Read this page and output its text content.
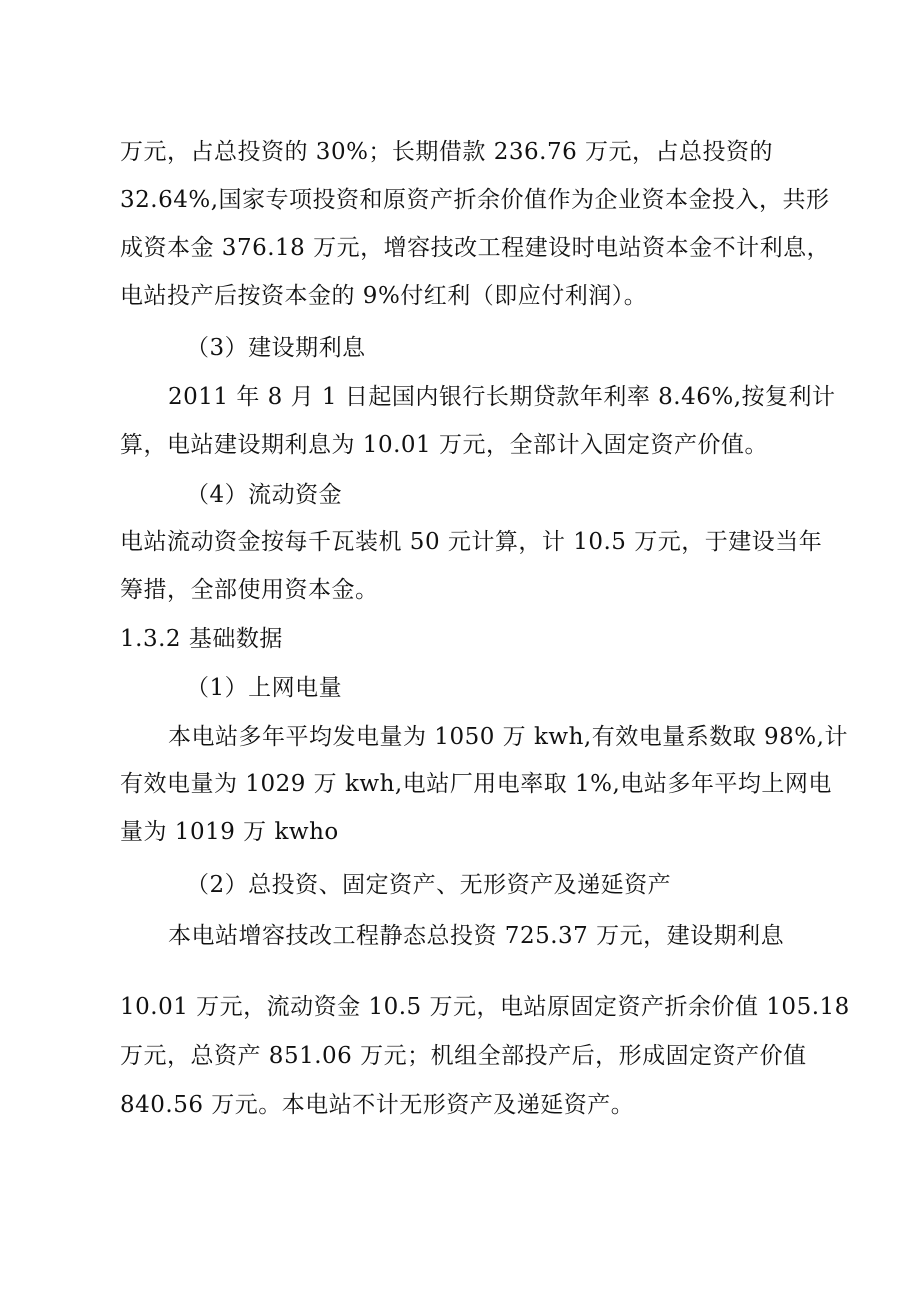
万元，占总投资的 30%；长期借款 236.76 万元，占总投资的
32.64%,国家专项投资和原资产折余价值作为企业资本金投入，共形
成资本金 376.18 万元，增容技改工程建设时电站资本金不计利息，
电站投产后按资本金的 9%付红利（即应付利润）。
（3）建设期利息
2011 年 8 月 1 日起国内银行长期贷款年利率 8.46%,按复利计
算，电站建设期利息为 10.01 万元，全部计入固定资产价值。
（4）流动资金
电站流动资金按每千瓦装机 50 元计算，计 10.5 万元，于建设当年
筹措，全部使用资本金。
1.3.2 基础数据
（1）上网电量
本电站多年平均发电量为 1050 万 kwh,有效电量系数取 98%,计
有效电量为 1029 万 kwh,电站厂用电率取 1%,电站多年平均上网电
量为 1019 万 kwho
（2）总投资、固定资产、无形资产及递延资产
本电站增容技改工程静态总投资 725.37 万元，建设期利息
10.01 万元，流动资金 10.5 万元，电站原固定资产折余价值 105.18
万元，总资产 851.06 万元；机组全部投产后，形成固定资产价值
840.56 万元。本电站不计无形资产及递延资产。
